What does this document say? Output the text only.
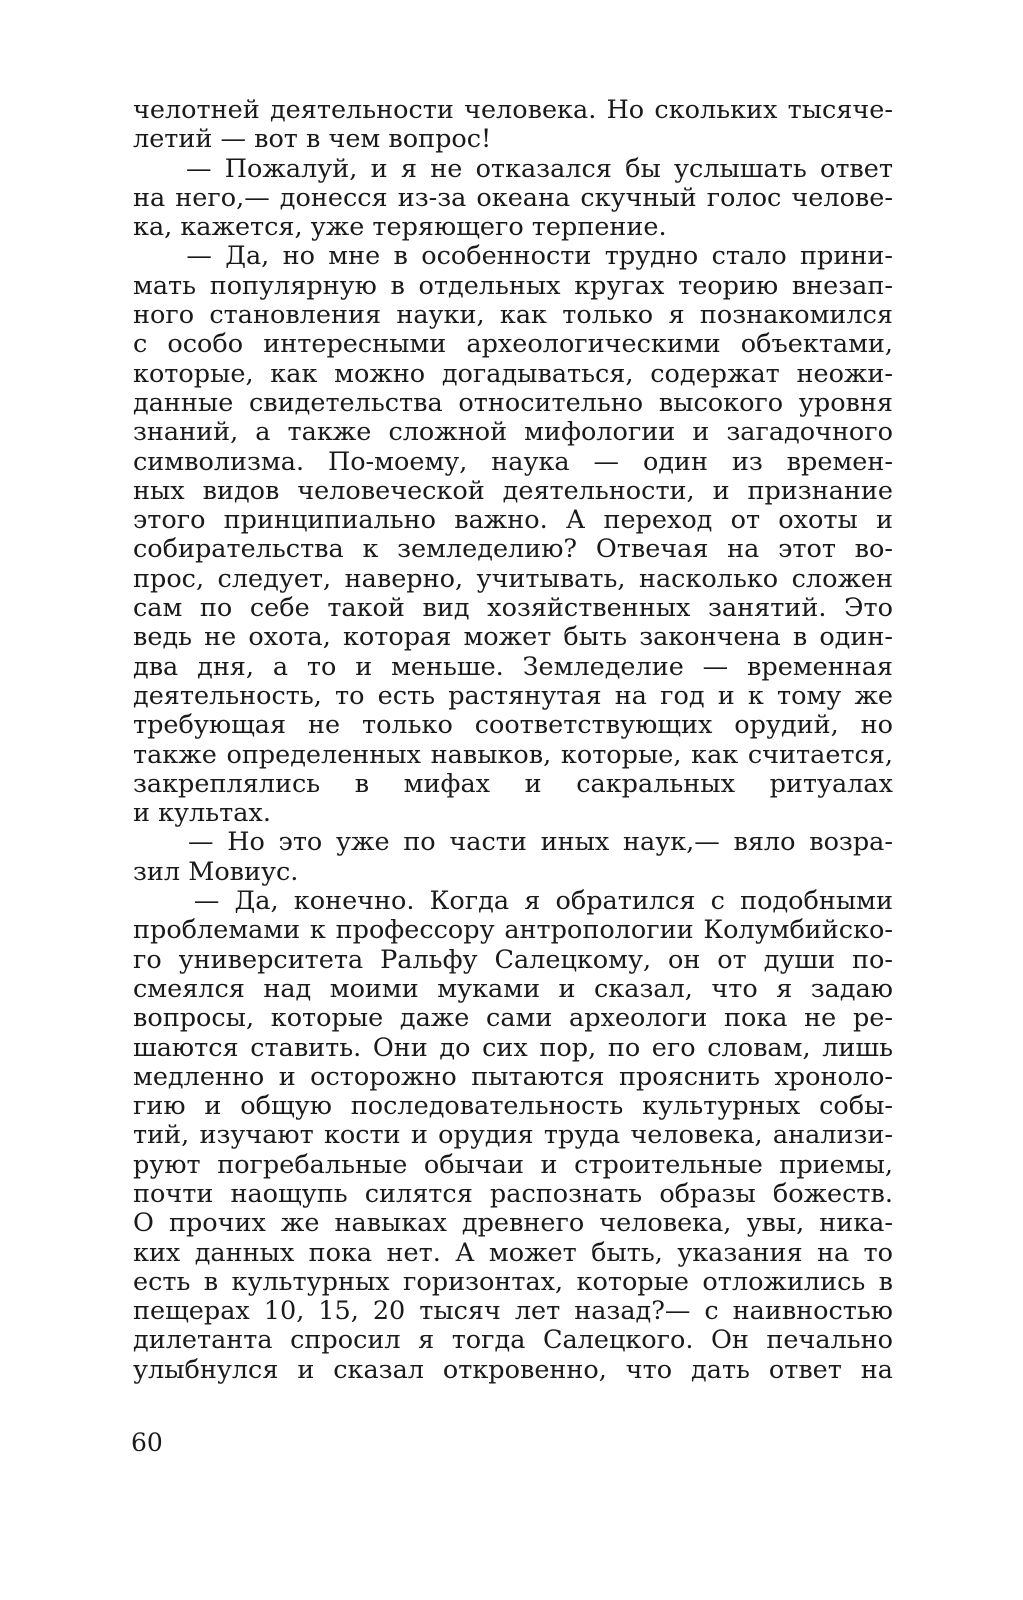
челотней деятельности человека. Но скольких тысяче-
летий — вот в чем вопрос!
— Пожалуй, и я не отказался бы услышать ответ
на него,— донесся из-за океана скучный голос челове-
ка, кажется, уже теряющего терпение.
— Да, но мне в особенности трудно стало прини-
мать популярную в отдельных кругах теорию внезап-
ного становления науки, как только я познакомился
с особо интересными археологическими объектами,
которые, как можно догадываться, содержат неожи-
данные свидетельства относительно высокого уровня
знаний, а также сложной мифологии и загадочного
символизма. По-моему, наука — один из времен-
ных видов человеческой деятельности, и признание
этого принципиально важно. А переход от охоты и
собирательства к земледелию? Отвечая на этот во-
прос, следует, наверно, учитывать, насколько сложен
сам по себе такой вид хозяйственных занятий. Это
ведь не охота, которая может быть закончена в один-
два дня, а то и меньше. Земледелие — временная
деятельность, то есть растянутая на год и к тому же
требующая не только соответствующих орудий, но
также определенных навыков, которые, как считается,
закреплялись в мифах и сакральных ритуалах
и культах.
— Но это уже по части иных наук,— вяло возра-
зил Мовиус.
— Да, конечно. Когда я обратился с подобными
проблемами к профессору антропологии Колумбийско-
го университета Ральфу Салецкому, он от души по-
смеялся над моими муками и сказал, что я задаю
вопросы, которые даже сами археологи пока не ре-
шаются ставить. Они до сих пор, по его словам, лишь
медленно и осторожно пытаются прояснить хроноло-
гию и общую последовательность культурных собы-
тий, изучают кости и орудия труда человека, анализи-
руют погребальные обычаи и строительные приемы,
почти наощупь силятся распознать образы божеств.
О прочих же навыках древнего человека, увы, ника-
ких данных пока нет. А может быть, указания на то
есть в культурных горизонтах, которые отложились в
пещерах 10, 15, 20 тысяч лет назад?— с наивностью
дилетанта спросил я тогда Салецкого. Он печально
улыбнулся и сказал откровенно, что дать ответ на
60
